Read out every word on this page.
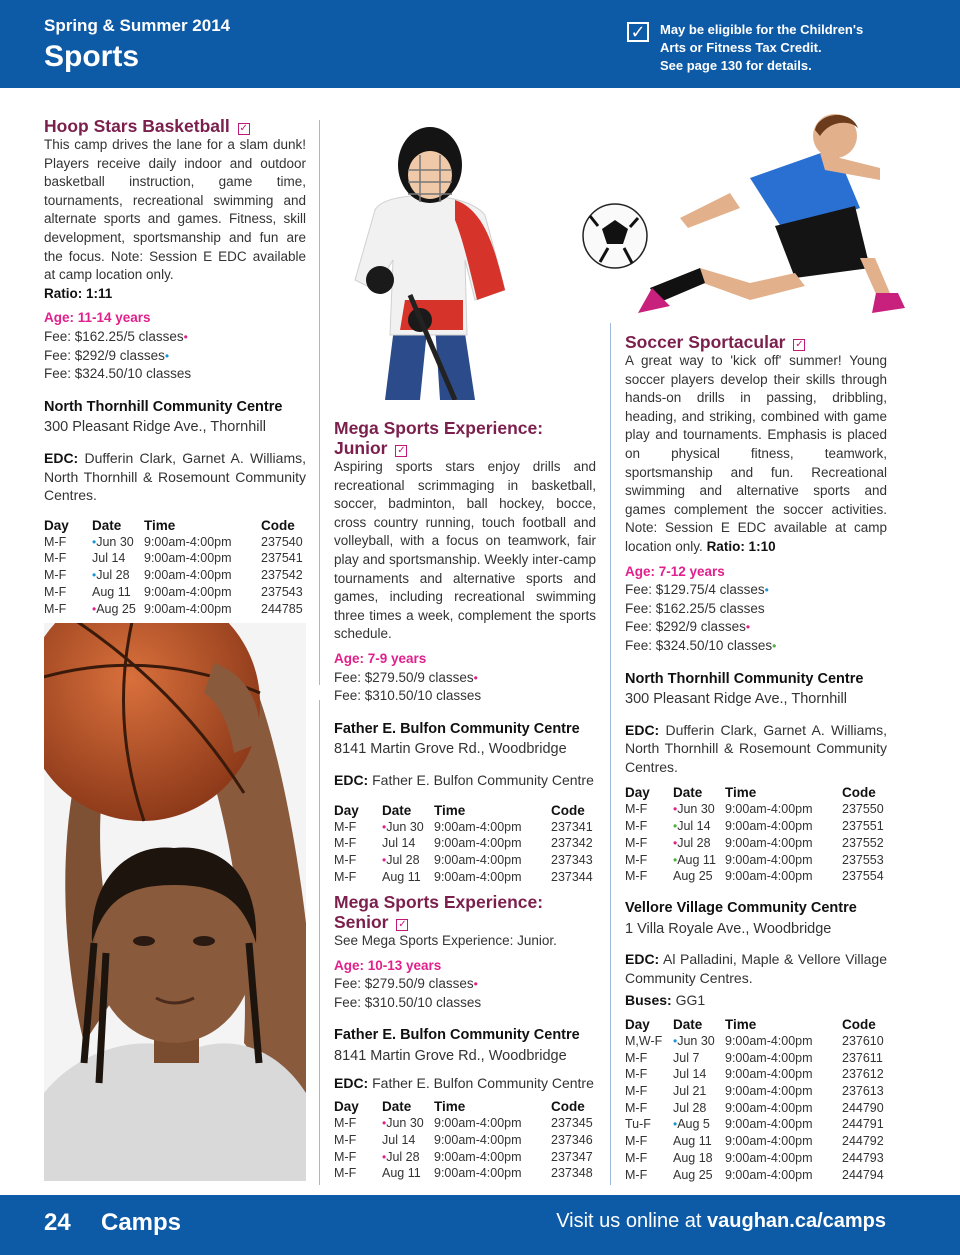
Spring & Summer 2014
Sports
✓ May be eligible for the Children's
Arts or Fitness Tax Credit.
See page 130 for details.
Hoop Stars Basketball ✓
This camp drives the lane for a slam dunk! Players receive daily indoor and outdoor basketball instruction, game time, tournaments, recreational swimming and alternate sports and games. Fitness, skill development, sportsmanship and fun are the focus. Note: Session E EDC available at camp location only.
Ratio: 1:11
Age: 11-14 years
Fee: $162.25/5 classes•
Fee: $292/9 classes•
Fee: $324.50/10 classes
North Thornhill Community Centre
300 Pleasant Ridge Ave., Thornhill
EDC: Dufferin Clark, Garnet A. Williams, North Thornhill & Rosemount Community Centres.
Day	Date	Time	Code
M-F	•Jun 30	9:00am-4:00pm	237540
M-F	Jul 14	9:00am-4:00pm	237541
M-F	•Jul 28	9:00am-4:00pm	237542
M-F	Aug 11	9:00am-4:00pm	237543
M-F	•Aug 25	9:00am-4:00pm	244785
Mega Sports Experience:
Junior ✓
Aspiring sports stars enjoy drills and recreational scrimmaging in basketball, soccer, badminton, ball hockey, bocce, cross country running, touch football and volleyball, with a focus on teamwork, fair play and sportsmanship. Weekly inter-camp tournaments and alternative sports and games, including recreational swimming three times a week, complement the sports schedule.
Age: 7-9 years
Fee: $279.50/9 classes•
Fee: $310.50/10 classes
Father E. Bulfon Community Centre
8141 Martin Grove Rd., Woodbridge
EDC: Father E. Bulfon Community Centre
Day	Date	Time	Code
M-F	•Jun 30	9:00am-4:00pm	237341
M-F	Jul 14	9:00am-4:00pm	237342
M-F	•Jul 28	9:00am-4:00pm	237343
M-F	Aug 11	9:00am-4:00pm	237344
Mega Sports Experience:
Senior ✓
See Mega Sports Experience: Junior.
Age: 10-13 years
Fee: $279.50/9 classes•
Fee: $310.50/10 classes
Father E. Bulfon Community Centre
8141 Martin Grove Rd., Woodbridge
EDC: Father E. Bulfon Community Centre
Day	Date	Time	Code
M-F	•Jun 30	9:00am-4:00pm	237345
M-F	Jul 14	9:00am-4:00pm	237346
M-F	•Jul 28	9:00am-4:00pm	237347
M-F	Aug 11	9:00am-4:00pm	237348
Soccer Sportacular ✓
A great way to 'kick off' summer! Young soccer players develop their skills through hands-on drills in passing, dribbling, heading, and striking, combined with game play and tournaments. Emphasis is placed on physical fitness, teamwork, sportsmanship and fun. Recreational swimming and alternative sports and games complement the soccer activities. Note: Session E EDC available at camp location only. Ratio: 1:10
Age: 7-12 years
Fee: $129.75/4 classes•
Fee: $162.25/5 classes
Fee: $292/9 classes•
Fee: $324.50/10 classes•
North Thornhill Community Centre
300 Pleasant Ridge Ave., Thornhill
EDC: Dufferin Clark, Garnet A. Williams, North Thornhill & Rosemount Community Centres.
Day	Date	Time	Code
M-F	•Jun 30	9:00am-4:00pm	237550
M-F	•Jul 14	9:00am-4:00pm	237551
M-F	•Jul 28	9:00am-4:00pm	237552
M-F	•Aug 11	9:00am-4:00pm	237553
M-F	Aug 25	9:00am-4:00pm	237554
Vellore Village Community Centre
1 Villa Royale Ave., Woodbridge
EDC: Al Palladini, Maple & Vellore Village Community Centres.
Buses: GG1
Day	Date	Time	Code
M,W-F	•Jun 30	9:00am-4:00pm	237610
M-F	Jul 7	9:00am-4:00pm	237611
M-F	Jul 14	9:00am-4:00pm	237612
M-F	Jul 21	9:00am-4:00pm	237613
M-F	Jul 28	9:00am-4:00pm	244790
Tu-F	•Aug 5	9:00am-4:00pm	244791
M-F	Aug 11	9:00am-4:00pm	244792
M-F	Aug 18	9:00am-4:00pm	244793
M-F	Aug 25	9:00am-4:00pm	244794
24 Camps	Visit us online at vaughan.ca/camps
